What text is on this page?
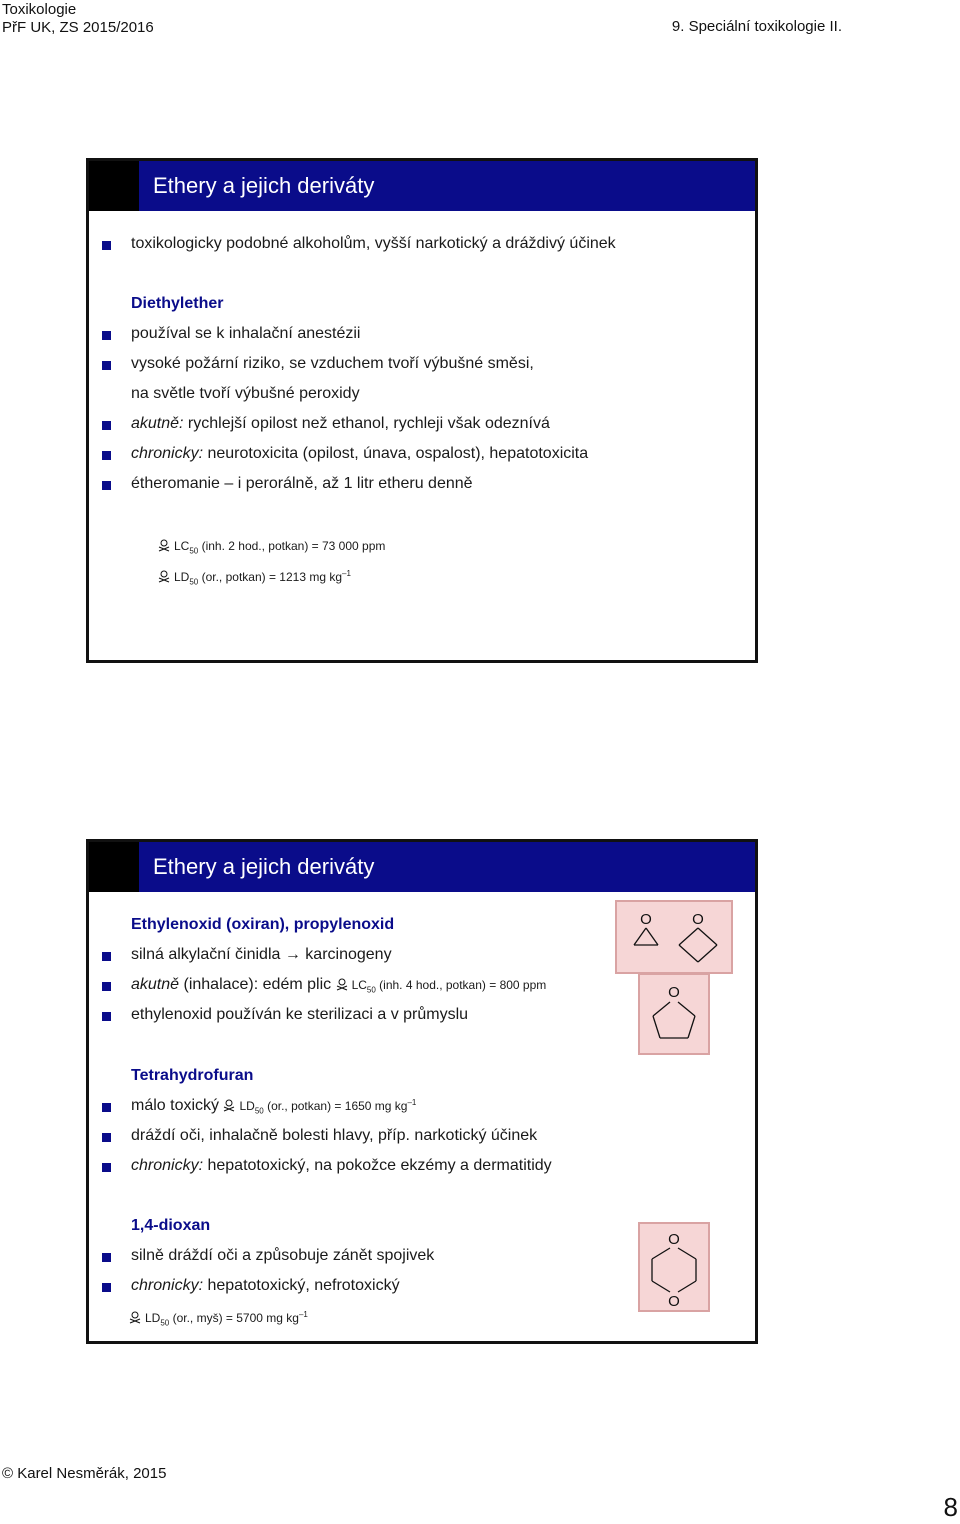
Toxikologie
PřF UK, ZS 2015/2016	9. Speciální toxikologie II.
Ethery a jejich deriváty
toxikologicky podobné alkoholům, vyšší narkotický a dráždivý účinek
Diethylether
používal se k inhalační anestézii
vysoké požární riziko, se vzduchem tvoří výbušné směsi,
na světle tvoří výbušné peroxidy
akutně: rychlejší opilost než ethanol, rychleji však odeznívá
chronicky: neurotoxicita (opilost, únava, ospalost), hepatotoxicita
étheromanie – i perorálně, až 1 litr etheru denně
$LC_{50}$ (inh. 2 hod., potkan) = 73 000 ppm
$LD_{50}$ (or., potkan) = 1213 mg $kg^{-1}$
Ethery a jejich deriváty
Ethylenoxid (oxiran), propylenoxid
silná alkylační činidla → karcinogeny
akutně (inhalace): edém plic $LC_{50}$ (inh. 4 hod., potkan) = 800 ppm
ethylenoxid používán ke sterilizaci a v průmyslu
O	O
Tetrahydrofuran
málo toxický $LD_{50}$ (or., potkan) = 1650 mg $kg^{-1}$
dráždí oči, inhalačně bolesti hlavy, příp. narkotický účinek
chronicky: hepatotoxický, na pokožce ekzémy a dermatitidy
O
1,4-dioxan
silně dráždí oči a způsobuje zánět spojivek
chronicky: hepatotoxický, nefrotoxický
$LD_{50}$ (or., myš) = 5700 mg $kg^{-1}$
O
O
© Karel Nesměrák, 2015
8
